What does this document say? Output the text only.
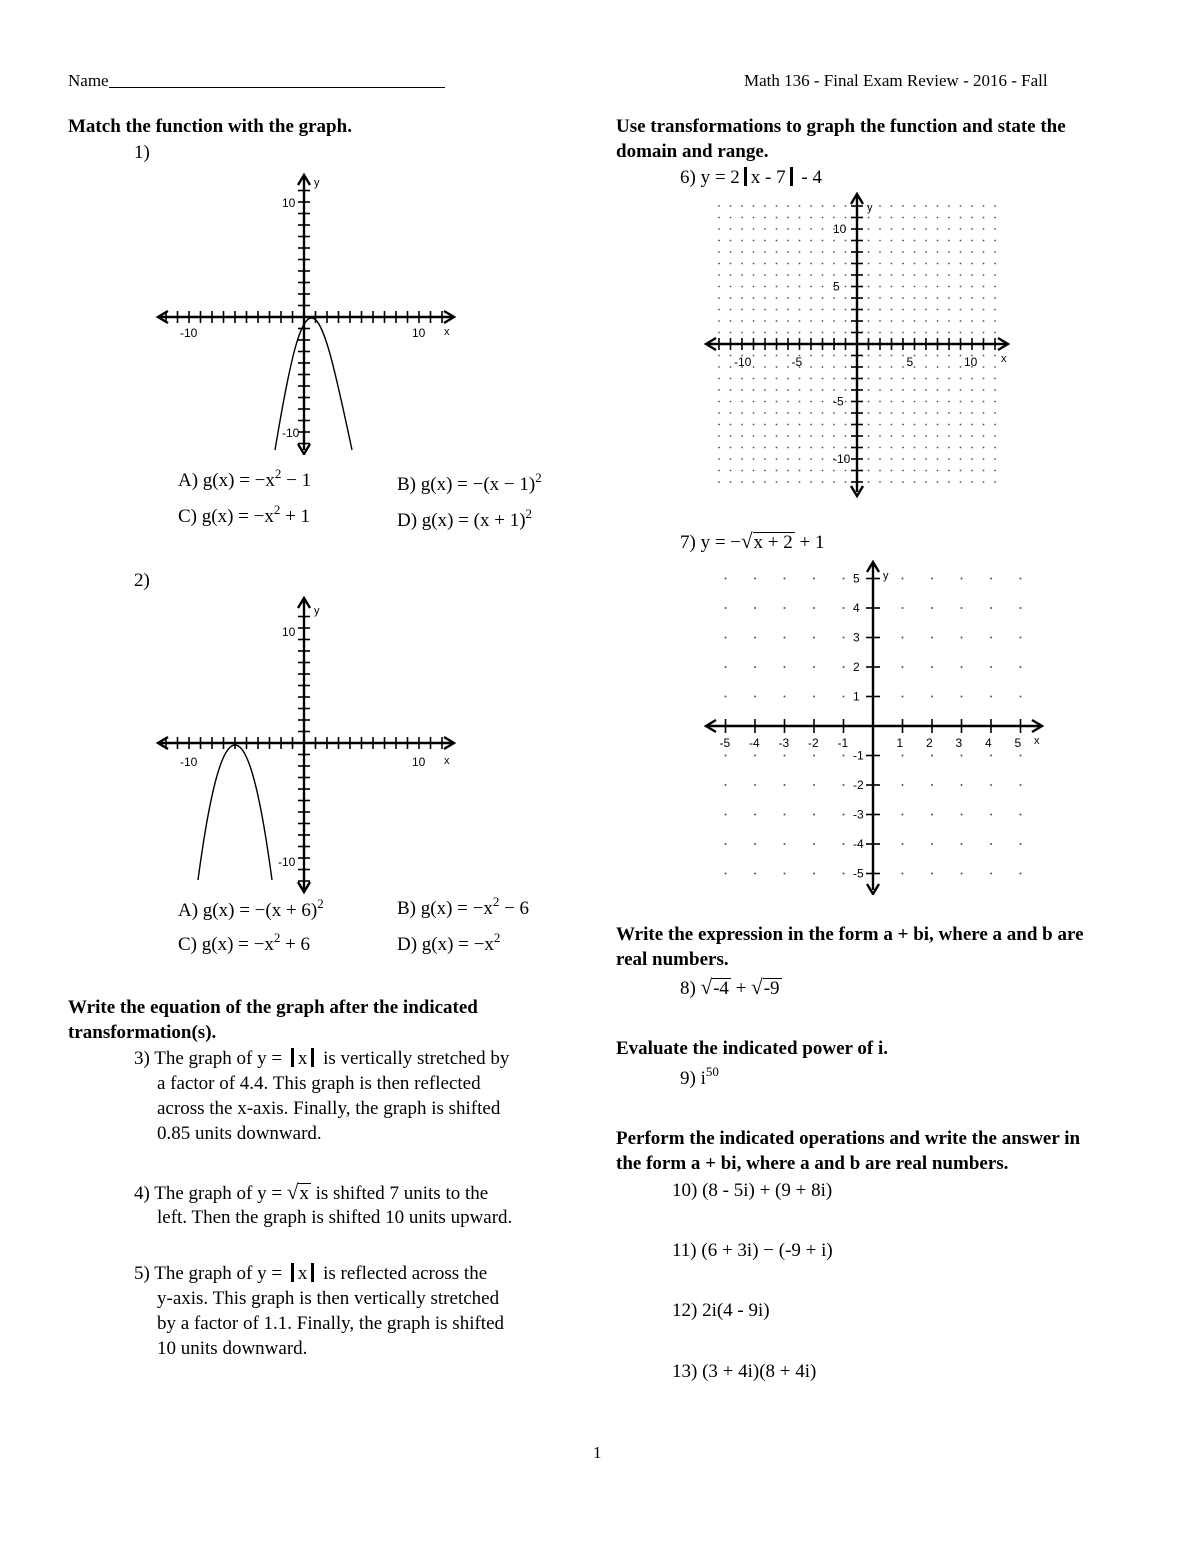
Name	Math 136 - Final Exam Review - 2016 - Fall
Match the function with the graph.
1)
-10	10 x
10
-10
y
A) $g(x) = -x^2 - 1$	B) $g(x) = -(x - 1)^2$
C) $g(x) = -x^2 + 1$	D) $g(x) = (x + 1)^2$
2)
-10	10 x
10
-10
y
A) $g(x) = -(x + 6)^2$	B) $g(x) = -x^2 - 6$
C) $g(x) = -x^2 + 6$	D) $g(x) = -x^2$
Write the equation of the graph after the indicated
transformation(s).
3) The graph of y = x is vertically stretched by
a factor of 4.4. This graph is then reflected
across the x-axis. Finally, the graph is shifted
0.85 units downward.
4) The graph of y = √x is shifted 7 units to the
left. Then the graph is shifted 10 units upward.
5) The graph of y = x is reflected across the
y-axis. This graph is then vertically stretched
by a factor of 1.1. Finally, the graph is shifted
10 units downward.
Use transformations to graph the function and state the
domain and range.
6) y = 2 x - 7 - 4
-10	-5	5	10
10
5
-5
-10
x
y
7) y = −√x + 2 + 1
-5 -4 -3 -2 -1	1 2 3 4 5
5
4
3
2
1
-1
-2
-3
-4
-5
x
y
Write the expression in the form a + bi, where a and b are
real numbers.
8) √-4 + √-9
Evaluate the indicated power of i.
9) $i^{50}$
Perform the indicated operations and write the answer in
the form a + bi, where a and b are real numbers.
10) (8 - 5i) + (9 + 8i)
11) (6 + 3i) − (-9 + i)
12) 2i(4 - 9i)
13) (3 + 4i)(8 + 4i)
1
